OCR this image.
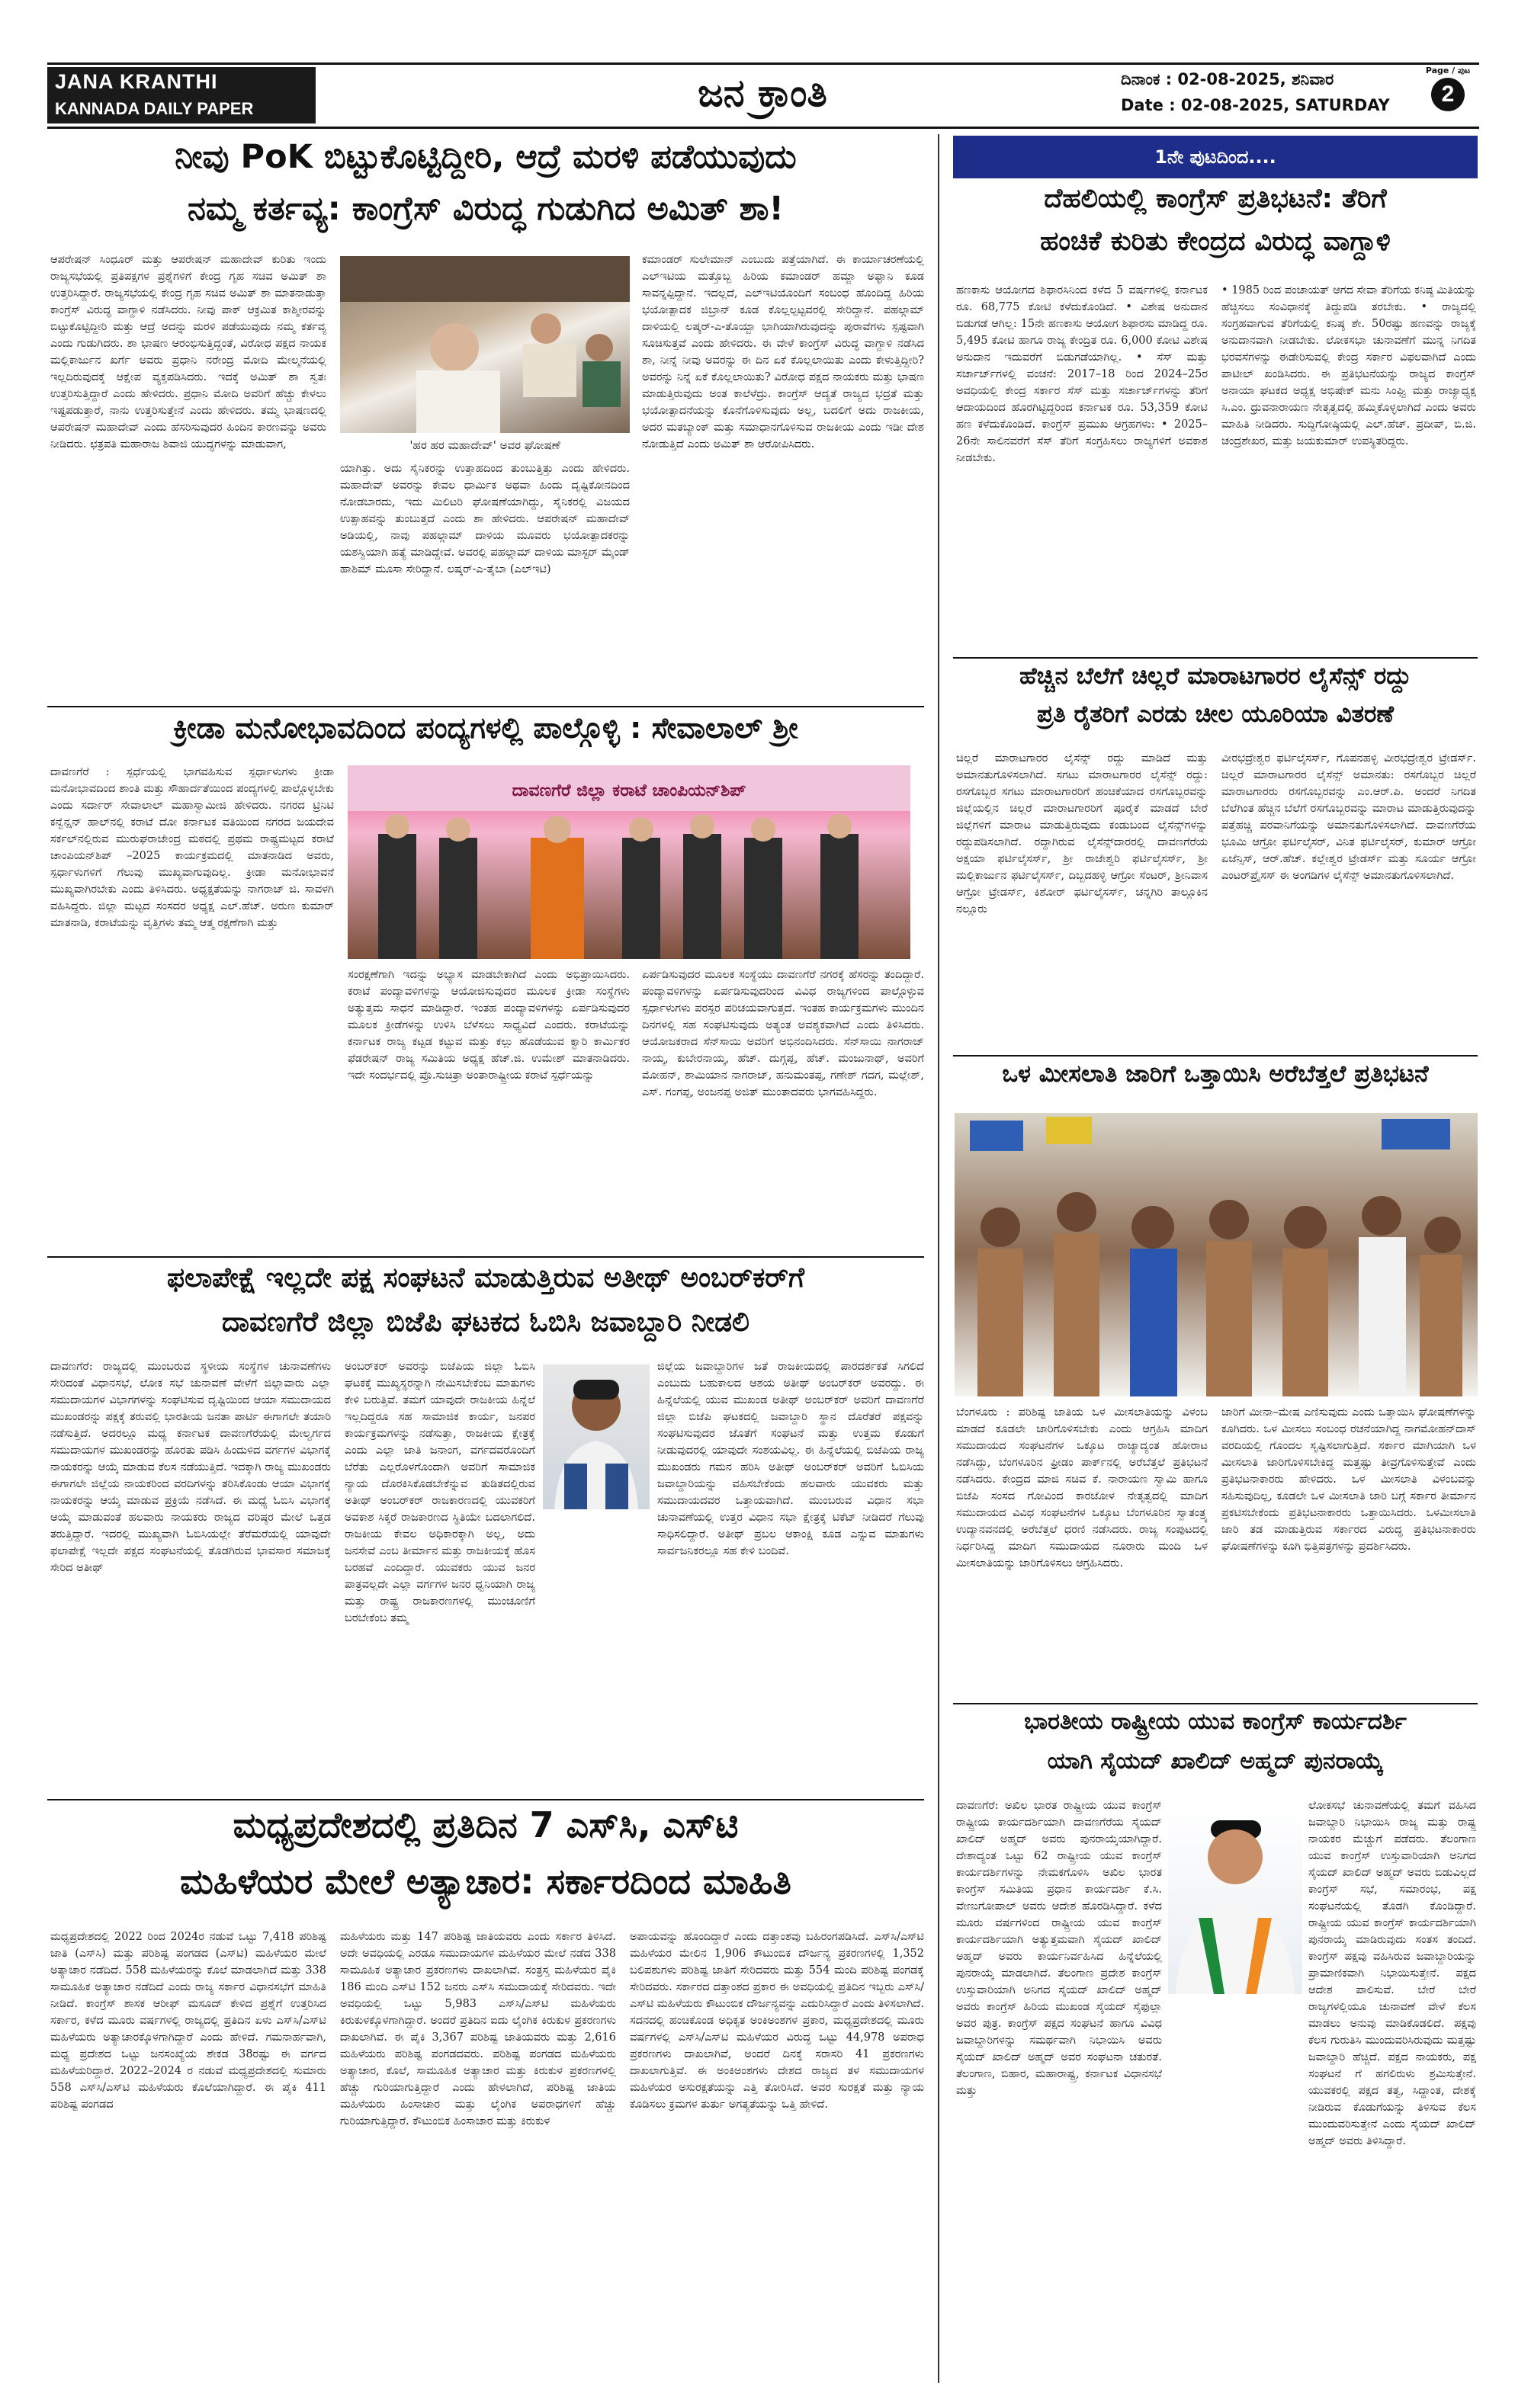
JANA KRANTHI
KANNADA DAILY PAPER	ಜನ ಕ್ರಾಂತಿ	ದಿನಾಂಕ : 02-08-2025, ಶನಿವಾರ
Date : 02-08-2025, SATURDAY
Page / ಪುಟ
2
ನೀವು PoK ಬಿಟ್ಟುಕೊಟ್ಟಿದ್ದೀರಿ, ಆದ್ರೆ ಮರಳಿ ಪಡೆಯುವುದು
ನಮ್ಮ ಕರ್ತವ್ಯ: ಕಾಂಗ್ರೆಸ್ ವಿರುದ್ಧ ಗುಡುಗಿದ ಅಮಿತ್ ಶಾ!
ಆಪರೇಷನ್ ಸಿಂಧೂರ್ ಮತ್ತು ಆಪರೇಷನ್ ಮಹಾದೇವ್ ಕುರಿತು ಇಂದು ರಾಜ್ಯಸಭೆಯಲ್ಲಿ ಪ್ರತಿಪಕ್ಷಗಳ ಪ್ರಶ್ನೆಗಳಿಗೆ ಕೇಂದ್ರ ಗೃಹ ಸಚಿವ ಅಮಿತ್ ಶಾ ಉತ್ತರಿಸಿದ್ದಾರೆ. ರಾಜ್ಯಸಭೆಯಲ್ಲಿ ಕೇಂದ್ರ ಗೃಹ ಸಚಿವ ಅಮಿತ್ ಶಾ ಮಾತನಾಡುತ್ತಾ ಕಾಂಗ್ರೆಸ್ ವಿರುದ್ಧ ವಾಗ್ದಾಳಿ ನಡೆಸಿದರು. ನೀವು ಪಾಕ್ ಆಕ್ರಮಿತ ಕಾಶ್ಮೀರವನ್ನು ಬಿಟ್ಟುಕೊಟ್ಟಿದ್ದೀರಿ ಮತ್ತು ಆದ್ರೆ ಅದನ್ನು ಮರಳಿ ಪಡೆಯುವುದು ನಮ್ಮ ಕರ್ತವ್ಯ ಎಂದು ಗುಡುಗಿದರು. ಶಾ ಭಾಷಣ ಆರಂಭಿಸುತ್ತಿದ್ದಂತೆ, ವಿರೋಧ ಪಕ್ಷದ ನಾಯಕ ಮಲ್ಲಿಕಾರ್ಜುನ ಖರ್ಗೆ ಅವರು ಪ್ರಧಾನಿ ನರೇಂದ್ರ ಮೋದಿ ಮೇಲ್ಮನೆಯಲ್ಲಿ ಇಲ್ಲದಿರುವುದಕ್ಕೆ ಆಕ್ಷೇಪ ವ್ಯಕ್ತಪಡಿಸಿದರು. ಇದಕ್ಕೆ ಅಮಿತ್ ಶಾ ಸ್ವತಃ ಉತ್ತರಿಸುತ್ತಿದ್ದಾರೆ ಎಂದು ಹೇಳಿದರು. ಪ್ರಧಾನಿ ಮೋದಿ ಅವರಿಗೆ ಹೆಚ್ಚು ಕೇಳಲು ಇಷ್ಟಪಡುತ್ತಾರೆ, ನಾನು ಉತ್ತರಿಸುತ್ತೇನೆ ಎಂದು ಹೇಳಿದರು. ತಮ್ಮ ಭಾಷಣದಲ್ಲಿ ಆಪರೇಷನ್ ಮಹಾದೇವ್ ಎಂದು ಹೆಸರಿಸುವುದರ ಹಿಂದಿನ ಕಾರಣವನ್ನು ಅವರು ನೀಡಿದರು. ಛತ್ರಪತಿ ಮಹಾರಾಜ ಶಿವಾಜಿ ಯುದ್ಧಗಳನ್ನು ಮಾಡುವಾಗ,	'ಹರ ಹರ ಮಹಾದೇವ್' ಅವರ ಘೋಷಣೆ
ಯಾಗಿತ್ತು. ಅದು ಸೈನಿಕರನ್ನು ಉತ್ತಾಹದಿಂದ ತುಂಬುತ್ತಿತ್ತು ಎಂದು ಹೇಳಿದರು. ಮಹಾದೇವ್ ಅವರನ್ನು ಕೇವಲ ಧಾರ್ಮಿಕ ಅಥವಾ ಹಿಂದು ದೃಷ್ಟಿಕೋನದಿಂದ ನೋಡಬಾರದು, ಇದು ಮಿಲಿಟರಿ ಘೋಷಣೆಯಾಗಿದ್ದು, ಸೈನಿಕರಲ್ಲಿ ವಿಜಯದ ಉತ್ಸಾಹವನ್ನು ತುಂಬುತ್ತದೆ ಎಂದು ಶಾ ಹೇಳಿದರು. ಆಪರೇಷನ್ ಮಹಾದೇವ್ ಅಡಿಯಲ್ಲಿ, ನಾವು ಪಹಲ್ಗಾಮ್ ದಾಳಿಯ ಮೂವರು ಭಯೋತ್ಪಾದಕರನ್ನು ಯಶಸ್ವಿಯಾಗಿ ಹತ್ಯೆ ಮಾಡಿದ್ದೇವೆ. ಅವರಲ್ಲಿ ಪಹಲ್ಗಾಮ್ ದಾಳಿಯ ಮಾಸ್ಟರ್ ಮೈಂಡ್ ಹಾಶಿಮ್ ಮೂಸಾ ಸೇರಿದ್ದಾನೆ. ಲಷ್ಕರ್-ಎ-ತೈಬಾ (ಎಲ್‌ಇಟಿ)
ಕಮಾಂಡರ್ ಸುಲೇಮಾನ್ ಎಂಬುದು ಪತ್ತೆಯಾಗಿದೆ. ಈ ಕಾರ್ಯಾಚರಣೆಯಲ್ಲಿ ಎಲ್‌ಇಟಿಯ ಮತ್ತೊಬ್ಬ ಹಿರಿಯ ಕಮಾಂಡರ್ ಹಮ್ಜಾ ಅಫ್ಘಾನಿ ಕೂಡ ಸಾವನ್ನಪ್ಪಿದ್ದಾನೆ. ಇದಲ್ಲದೆ, ಎಲ್‌ಇಟಿಯೊಂದಿಗೆ ಸಂಬಂಧ ಹೊಂದಿದ್ದ ಹಿರಿಯ ಭಯೋತ್ಪಾದಕ ಜಿಬ್ರಾನ್ ಕೂಡ ಕೊಲ್ಲಲ್ಪಟ್ಟವರಲ್ಲಿ ಸೇರಿದ್ದಾನೆ. ಪಹಲ್ಗಾಮ್ ದಾಳಿಯಲ್ಲಿ ಲಷ್ಕರ್-ಎ-ತೊಯ್ಬಾ ಭಾಗಿಯಾಗಿರುವುದನ್ನು ಪುರಾವೆಗಳು ಸ್ಪಷ್ಟವಾಗಿ ಸೂಚಿಸುತ್ತವೆ ಎಂದು ಹೇಳಿದರು. ಈ ವೇಳೆ ಕಾಂಗ್ರೆಸ್ ವಿರುದ್ಧ ವಾಗ್ದಾಳಿ ನಡೆಸಿದ ಶಾ, ನೀನ್ನೆ ನೀವು ಅವರನ್ನು ಈ ದಿನ ಏಕೆ ಕೊಲ್ಲಲಾಯಿತು ಎಂದು ಕೇಳುತ್ತಿದ್ದೀರಿ? ಅವರನ್ನು ನಿನ್ನೆ ಏಕೆ ಕೊಲ್ಲಲಾಯಿತು? ವಿರೋಧ ಪಕ್ಷದ ನಾಯಕರು ಮತ್ತು ಭಾಷಣ ಮಾಡುತ್ತಿರುವುದು ಅಂತ ಕಾಲೆಳೆದ್ರು. ಕಾಂಗ್ರೆಸ್ ಆದ್ಯತೆ ರಾಜ್ಯದ ಭದ್ರತೆ ಮತ್ತು ಭಯೋತ್ಪಾದನೆಯನ್ನು ಕೊನೆಗೊಳಿಸುವುದು ಅಲ್ಲ, ಬದಲಿಗೆ ಅದು ರಾಜಕೀಯ, ಅದರ ಮತಬ್ಯಾಂಕ್ ಮತ್ತು ಸಮಾಧಾನಗೊಳಿಸುವ ರಾಜಕೀಯ ಎಂದು ಇಡೀ ದೇಶ ನೋಡುತ್ತಿದೆ ಎಂದು ಅಮಿತ್ ಶಾ ಆರೋಪಿಸಿದರು.
ಕ್ರೀಡಾ ಮನೋಭಾವದಿಂದ ಪಂದ್ಯಗಳಲ್ಲಿ ಪಾಲ್ಗೊಳ್ಳಿ : ಸೇವಾಲಾಲ್ ಶ್ರೀ
ದಾವಣಗೆರೆ : ಸ್ಪರ್ಧೆಯಲ್ಲಿ ಭಾಗವಹಿಸುವ ಸ್ಪರ್ಧಾಳುಗಳು ಕ್ರೀಡಾ ಮನೋಭಾವದಿಂದ ಶಾಂತಿ ಮತ್ತು ಸೌಹಾರ್ದತೆಯಿಂದ ಪಂದ್ಯಗಳಲ್ಲಿ ಪಾಲ್ಗೊಳ್ಳಬೇಕು ಎಂದು ಸರ್ದಾರ್ ಸೇವಾಲಾಲ್ ಮಹಾಸ್ವಾಮೀಜಿ ಹೇಳಿದರು. ನಗರದ ಟ್ರಿನಿಟಿ ಕನ್ವೆನ್ಷನ್ ಹಾಲ್‌ನಲ್ಲಿ ಕರಾಟೆ ದೋ ಕರ್ನಾಟಕ ವತಿಯಿಂದ ನಗರದ ಜಯದೇವ ಸರ್ಕಲ್‌ನಲ್ಲಿರುವ ಮುರುಘರಾಜೇಂದ್ರ ಮಠದಲ್ಲಿ ಪ್ರಥಮ ರಾಷ್ಟ್ರಮಟ್ಟದ ಕರಾಟೆ ಚಾಂಪಿಯನ್‌ಶಿಪ್ –2025 ಕಾರ್ಯಕ್ರಮದಲ್ಲಿ ಮಾತನಾಡಿದ ಅವರು, ಸ್ಪರ್ಧಾಳುಗಳಿಗೆ ಗೆಲುವು ಮುಖ್ಯವಾಗುವುದಿಲ್ಲ. ಕ್ರೀಡಾ ಮನೋಭಾವನೆ ಮುಖ್ಯವಾಗಿರಬೇಕು ಎಂದು ತಿಳಿಸಿದರು. ಅಧ್ಯಕ್ಷತೆಯನ್ನು ನಾಗರಾಜ್ ಜಿ. ಸಾವಳಗಿ ವಹಿಸಿದ್ದರು. ಜಿಲ್ಲಾ ಮಟ್ಟದ ಸಂಸದರ ಅಧ್ಯಕ್ಷ ಎಲ್.ಹೆಚ್. ಅರುಣ ಕುಮಾರ್ ಮಾತನಾಡಿ, ಕರಾಟೆಯನ್ನು ವೃತ್ತಿಗಳು ತಮ್ಮ ಆತ್ಮ ರಕ್ಷಣೆಗಾಗಿ ಮತ್ತು
ದಾವಣಗೆರೆ ಜಿಲ್ಲಾ ಕರಾಟೆ ಚಾಂಪಿಯನ್‌ಶಿಪ್
ಸಂರಕ್ಷಣೆಗಾಗಿ ಇದನ್ನು ಅಭ್ಯಾಸ ಮಾಡಬೇಕಾಗಿದೆ ಎಂದು ಅಭಿಪ್ರಾಯಿಸಿದರು. ಕರಾಟೆ ಪಂದ್ಯಾವಳಿಗಳನ್ನು ಆಯೋಜಿಸುವುದರ ಮೂಲಕ ಕ್ರೀಡಾ ಸಂಸ್ಥೆಗಳು ಅತ್ಯುತ್ತಮ ಸಾಧನೆ ಮಾಡಿದ್ದಾರೆ. ಇಂತಹ ಪಂದ್ಯಾವಳಿಗಳನ್ನು ಏರ್ಪಡಿಸುವುದರ ಮೂಲಕ ಕ್ರೀಡೆಗಳನ್ನು ಉಳಿಸಿ ಬೆಳೆಸಲು ಸಾಧ್ಯವಿದೆ ಎಂದರು. ಕರಾಟೆಯನ್ನು ಕರ್ನಾಟಕ ರಾಜ್ಯ ಕಟ್ಟಡ ಕಟ್ಟುವ ಮತ್ತು ಕಲ್ಲು ಹೊಡೆಯುವ ಕ್ವಾರಿ ಕಾರ್ಮಿಕರ ಫೆಡರೇಷನ್ ರಾಜ್ಯ ಸಮಿತಿಯ ಅಧ್ಯಕ್ಷ ಹೆಚ್.ಜಿ. ಉಮೇಶ್ ಮಾತನಾಡಿದರು. ಇದೇ ಸಂದರ್ಭದಲ್ಲಿ ಪ್ರೊ.ಸುಚಿತ್ರಾ ಅಂತಾರಾಷ್ಟ್ರೀಯ ಕರಾಟೆ ಸ್ಪರ್ಧೆಯನ್ನು
ಏರ್ಪಡಿಸುವುದರ ಮೂಲಕ ಸಂಸ್ಥೆಯು ದಾವಣಗೆರೆ ನಗರಕ್ಕೆ ಹೆಸರನ್ನು ತಂದಿದ್ದಾರೆ. ಪಂದ್ಯಾವಳಿಗಳನ್ನು ಏರ್ಪಡಿಸುವುದರಿಂದ ವಿವಿಧ ರಾಜ್ಯಗಳಿಂದ ಪಾಲ್ಗೊಳ್ಳುವ ಸ್ಪರ್ಧಾಳುಗಳು ಪರಸ್ಪರ ಪರಿಚಯವಾಗುತ್ತದೆ. ಇಂತಹ ಕಾರ್ಯಕ್ರಮಗಳು ಮುಂದಿನ ದಿನಗಳಲ್ಲಿ ಸಹ ಸಂಘಟಿಸುವುದು ಅತ್ಯಂತ ಅವಶ್ಯಕವಾಗಿದೆ ಎಂದು ತಿಳಿಸಿದರು. ಆಯೋಜಕರಾದ ಸೆನ್‌ಸಾಯಿ ಅವರಿಗೆ ಅಭಿನಂದಿಸಿದರು. ಸೆನ್‌ಸಾಯಿ ನಾಗರಾಜ್ ನಾಯ್ಕ, ಕುಬೇರನಾಯ್ಕ, ಹೆಚ್. ದುಗ್ಗಪ್ಪ, ಹೆಚ್. ಮಂಜುನಾಥ್, ಅವರಿಗೆ ಮೋಹನ್, ಶಾಮಿಯಾನ ನಾಗರಾಜ್, ಹನುಮಂತಪ್ಪ, ಗಣೇಶ್ ಗದಗ, ಮಲ್ಲೇಶ್, ಎಸ್. ಗಂಗಪ್ಪ, ಅಂಜನಪ್ಪ ಅಜಿತ್ ಮುಂತಾದವರು ಭಾಗವಹಿಸಿದ್ದರು.
ಫಲಾಪೇಕ್ಷೆ ಇಲ್ಲದೇ ಪಕ್ಷ ಸಂಘಟನೆ ಮಾಡುತ್ತಿರುವ ಅತೀಥ್ ಅಂಬರ್‌ಕರ್‌ಗೆ
ದಾವಣಗೆರೆ ಜಿಲ್ಲಾ ಬಿಜೆಪಿ ಘಟಕದ ಓಬಿಸಿ ಜವಾಬ್ದಾರಿ ನೀಡಲಿ
ದಾವಣಗೆರೆ: ರಾಜ್ಯದಲ್ಲಿ ಮುಂಬರುವ ಸ್ಥಳೀಯ ಸಂಸ್ಥೆಗಳ ಚುನಾವಣೆಗಳು ಸೇರಿದಂತೆ ವಿಧಾನಸಭೆ, ಲೋಕ ಸಭೆ ಚುನಾವಣೆ ವೇಳೆಗೆ ಜಿಲ್ಲಾವಾರು ಎಲ್ಲಾ ಸಮುದಾಯಗಳ ವಿಭಾಗಗಳನ್ನು ಸಂಘಟಿಸುವ ದೃಷ್ಟಿಯಿಂದ ಆಯಾ ಸಮುದಾಯದ ಮುಖಂಡರನ್ನು ಪಕ್ಷಕ್ಕೆ ತರುವಲ್ಲಿ ಭಾರತೀಯ ಜನತಾ ಪಾರ್ಟಿ ಈಗಾಗಲೇ ತಯಾರಿ ನಡೆಸುತ್ತಿದೆ. ಅದರಲ್ಲೂ ಮಧ್ಯ ಕರ್ನಾಟಕ ದಾವಣಗೆರೆಯಲ್ಲಿ ಮೇಲ್ವರ್ಗದ ಸಮುದಾಯಗಳ ಮುಖಂಡರನ್ನು ಹೊರತು ಪಡಿಸಿ ಹಿಂದುಳಿದ ವರ್ಗಗಳ ವಿಭಾಗಕ್ಕೆ ನಾಯಕರನ್ನು ಆಯ್ಕೆ ಮಾಡುವ ಕೆಲಸ ನಡೆಯುತ್ತಿದೆ. ಇದಕ್ಕಾಗಿ ರಾಜ್ಯ ಮುಖಂಡರು ಈಗಾಗಲೇ ಜಿಲ್ಲೆಯ ನಾಯಕರಿಂದ ವರದಿಗಳನ್ನು ತರಿಸಿಕೊಂಡು ಆಯಾ ವಿಭಾಗಕ್ಕೆ ನಾಯಕರನ್ನು ಆಯ್ಕೆ ಮಾಡುವ ಪ್ರಕ್ರಿಯೆ ನಡೆಸಿದೆ. ಈ ಮಧ್ಯೆ ಓಬಿಸಿ ವಿಭಾಗಕ್ಕೆ ಆಯ್ಕೆ ಮಾಡುವಂತೆ ಹಲವಾರು ನಾಯಕರು ರಾಜ್ಯದ ವರಿಷ್ಠರ ಮೇಲೆ ಒತ್ತಡ ತರುತ್ತಿದ್ದಾರೆ. ಇದರಲ್ಲಿ ಮುಖ್ಯವಾಗಿ ಓಬಿಸಿಯಲ್ಲೇ ತೆರೆಮರೆಯಲ್ಲಿ ಯಾವುದೇ ಫಲಾಪೇಕ್ಷೆ ಇಲ್ಲದೇ ಪಕ್ಷದ ಸಂಘಟನೆಯಲ್ಲಿ ತೊಡಗಿರುವ ಭಾವಸಾರ ಸಮಾಜಕ್ಕೆ ಸೇರಿದ ಅತೀಥ್
ಅಂಬರ್‌ಕರ್ ಅವರನ್ನು ಬಿಜೆಪಿಯ ಜಿಲ್ಲಾ ಓಬಿಸಿ ಘಟಕಕ್ಕೆ ಮುಖ್ಯಸ್ಥರನ್ನಾಗಿ ನೇಮಿಸಬೇಕೆಂಬ ಮಾತುಗಳು ಕೇಳಿ ಬರುತ್ತಿವೆ. ತಮಗೆ ಯಾವುದೇ ರಾಜಕೀಯ ಹಿನ್ನೆಲೆ ಇಲ್ಲದಿದ್ದರೂ ಸಹ ಸಾಮಾಜಿಕ ಕಾರ್ಯ, ಜನಪರ ಕಾರ್ಯಕ್ರಮಗಳನ್ನು ನಡೆಸುತ್ತಾ, ರಾಜಕೀಯ ಕ್ಷೇತ್ರಕ್ಕೆ ಎಂದು ಎಲ್ಲಾ ಜಾತಿ ಜನಾಂಗ, ವರ್ಗದವರೊಂದಿಗೆ ಬೆರೆತು ಎಲ್ಲರೊಳಗೊಂದಾಗಿ ಅವರಿಗೆ ಸಾಮಾಜಿಕ ನ್ಯಾಯ ದೊರಕಿಸಿಕೊಡಬೇಕೆನ್ನುವ ತುಡಿತದಲ್ಲಿರುವ ಅತೀಥ್ ಅಂಬರ್‌ಕರ್ ರಾಜಕಾರಣದಲ್ಲಿ ಯುವಕರಿಗೆ ಅವಕಾಶ ಸಿಕ್ಕರೆ ರಾಜಕಾರಣದ ಸ್ಥಿತಿಯೇ ಬದಲಾಗಲಿದೆ. ರಾಜಕೀಯ ಕೇವಲ ಅಧಿಕಾರಕ್ಕಾಗಿ ಅಲ್ಲ, ಅದು ಜನಸೇವೆ ಎಂಬ ತೀರ್ಮಾನ ಮತ್ತು ರಾಜಕೀಯಕ್ಕೆ ಹೊಸ ಬರಹವೆ ಎಂದಿದ್ದಾರೆ. ಯುವಕರು ಯುವ ಜನರ ಪಾತ್ರವಲ್ಲದೇ ಎಲ್ಲಾ ವರ್ಗಗಳ ಜನರ ಧ್ವನಿಯಾಗಿ ರಾಜ್ಯ ಮತ್ತು ರಾಷ್ಟ್ರ ರಾಜಕಾರಣಗಳಲ್ಲಿ ಮುಂಚೂಣಿಗೆ ಬರಬೇಕೆಂಬ ತಮ್ಮ
ಜಿಲ್ಲೆಯ ಜವಾಬ್ದಾರಿಗಳ ಜತೆ ರಾಜಕೀಯದಲ್ಲಿ ಪಾರದರ್ಶಕತೆ ಸಿಗಲಿದೆ ಎಂಬುದು ಬಹುಕಾಲದ ಆಶಯ ಅತೀಥ್ ಅಂಬರ್‌ಕರ್ ಅವರದ್ದು. ಈ ಹಿನ್ನೆಲೆಯಲ್ಲಿ ಯುವ ಮುಖಂಡ ಅತೀಥ್ ಅಂಬರ್‌ಕರ್ ಅವರಿಗೆ ದಾವಣಗೆರೆ ಜಿಲ್ಲಾ ಬಿಜೆಪಿ ಘಟಕದಲ್ಲಿ ಜವಾಬ್ದಾರಿ ಸ್ಥಾನ ದೊರೆತರೆ ಪಕ್ಷವನ್ನು ಸಂಘಟಿಸುವುದರ ಜೊತೆಗೆ ಸಂಘಟನೆ ಮತ್ತು ಉತ್ತಮ ಕೊಡುಗೆ ನೀಡುವುದರಲ್ಲಿ ಯಾವುದೇ ಸಂಶಯವಿಲ್ಲ. ಈ ಹಿನ್ನೆಲೆಯಲ್ಲಿ ಬಿಜೆಪಿಯ ರಾಜ್ಯ ಮುಖಂಡರು ಗಮನ ಹರಿಸಿ ಅತೀಥ್ ಅಂಬರ್‌ಕರ್ ಅವರಿಗೆ ಓಬಿಸಿಯ ಜವಾಬ್ದಾರಿಯನ್ನು ವಹಿಸಬೇಕೆಂದು ಹಲವಾರು ಯುವಕರು ಮತ್ತು ಸಮುದಾಯದವರ ಒತ್ತಾಯವಾಗಿದೆ. ಮುಂಬರುವ ವಿಧಾನ ಸಭಾ ಚುನಾವಣೆಯಲ್ಲಿ ಉತ್ತರ ವಿಧಾನ ಸಭಾ ಕ್ಷೇತ್ರಕ್ಕೆ ಟಿಕೆಟ್ ನೀಡಿದರೆ ಗೆಲುವು ಸಾಧಿಸಲಿದ್ದಾರೆ. ಅತೀಥ್ ಪ್ರಬಲ ಆಕಾಂಕ್ಷಿ ಕೂಡ ಎನ್ನುವ ಮಾತುಗಳು ಸಾರ್ವಜನಿಕರಲ್ಲೂ ಸಹ ಕೇಳಿ ಬಂದಿವೆ.
ಮಧ್ಯಪ್ರದೇಶದಲ್ಲಿ ಪ್ರತಿದಿನ 7 ಎಸ್‌ಸಿ, ಎಸ್‌ಟಿ
ಮಹಿಳೆಯರ ಮೇಲೆ ಅತ್ಯಾಚಾರ: ಸರ್ಕಾರದಿಂದ ಮಾಹಿತಿ
ಮಧ್ಯಪ್ರದೇಶದಲ್ಲಿ 2022 ರಿಂದ 2024ರ ನಡುವೆ ಒಟ್ಟು 7,418 ಪರಿಶಿಷ್ಟ ಜಾತಿ (ಎಸ್‌ಸಿ) ಮತ್ತು ಪರಿಶಿಷ್ಟ ಪಂಗಡದ (ಎಸ್‌ಟಿ) ಮಹಿಳೆಯರ ಮೇಲೆ ಅತ್ಯಾಚಾರ ನಡೆದಿದೆ. 558 ಮಹಿಳೆಯರನ್ನು ಕೊಲೆ ಮಾಡಲಾಗಿದೆ ಮತ್ತು 338 ಸಾಮೂಹಿಕ ಅತ್ಯಾಚಾರ ನಡೆದಿದೆ ಎಂದು ರಾಜ್ಯ ಸರ್ಕಾರ ವಿಧಾನಸಭೆಗೆ ಮಾಹಿತಿ ನೀಡಿದೆ. ಕಾಂಗ್ರೆಸ್ ಶಾಸಕ ಆರೀಫ್ ಮಸೂದ್ ಕೇಳಿದ ಪ್ರಶ್ನೆಗೆ ಉತ್ತರಿಸಿದ ಸರ್ಕಾರ, ಕಳೆದ ಮೂರು ವರ್ಷಗಳಲ್ಲಿ ರಾಜ್ಯದಲ್ಲಿ ಪ್ರತಿದಿನ ಏಳು ಎಸ್‌ಸಿ/ಎಸ್‌ಟಿ ಮಹಿಳೆಯರು ಅತ್ಯಾಚಾರಕ್ಕೊಳಗಾಗಿದ್ದಾರೆ ಎಂದು ಹೇಳಿದೆ. ಗಮನಾರ್ಹವಾಗಿ, ಮಧ್ಯ ಪ್ರದೇಶದ ಒಟ್ಟು ಜನಸಂಖ್ಯೆಯ ಶೇಕಡ 38ರಷ್ಟು ಈ ವರ್ಗದ ಮಹಿಳೆಯರಿದ್ದಾರೆ. 2022–2024 ರ ನಡುವೆ ಮಧ್ಯಪ್ರದೇಶದಲ್ಲಿ ಸುಮಾರು 558 ಎಸ್‌ಸಿ/ಎಸ್‌ಟಿ ಮಹಿಳೆಯರು ಕೊಲೆಯಾಗಿದ್ದಾರೆ. ಈ ಪೈಕಿ 411 ಪರಿಶಿಷ್ಟ ಪಂಗಡದ
ಮಹಿಳೆಯರು ಮತ್ತು 147 ಪರಿಶಿಷ್ಟ ಜಾತಿಯವರು ಎಂದು ಸರ್ಕಾರ ತಿಳಿಸಿದೆ. ಅದೇ ಅವಧಿಯಲ್ಲಿ ಎರಡೂ ಸಮುದಾಯಗಳ ಮಹಿಳೆಯರ ಮೇಲೆ ನಡೆದ 338 ಸಾಮೂಹಿಕ ಅತ್ಯಾಚಾರ ಪ್ರಕರಣಗಳು ದಾಖಲಾಗಿವೆ. ಸಂತ್ರಸ್ತ ಮಹಿಳೆಯರ ಪೈಕಿ 186 ಮಂದಿ ಎಸ್‌ಟಿ 152 ಜನರು ಎಸ್‌ಸಿ ಸಮುದಾಯಕ್ಕೆ ಸೇರಿದವರು. ಇದೇ ಅವಧಿಯಲ್ಲಿ ಒಟ್ಟು 5,983 ಎಸ್‌ಸಿ/ಎಸ್‌ಟಿ ಮಹಿಳೆಯರು ಕಿರುಕುಳಕ್ಕೊಳಗಾಗಿದ್ದಾರೆ. ಅಂದರೆ ಪ್ರತಿದಿನ ಐದು ಲೈಂಗಿಕ ಕಿರುಕುಳ ಪ್ರಕರಣಗಳು ದಾಖಲಾಗಿವೆ. ಈ ಪೈಕಿ 3,367 ಪರಿಶಿಷ್ಟ ಜಾತಿಯವರು ಮತ್ತು 2,616 ಮಹಿಳೆಯರು ಪರಿಶಿಷ್ಟ ಪಂಗಡದವರು. ಪರಿಶಿಷ್ಟ ಪಂಗಡದ ಮಹಿಳೆಯರು ಅತ್ಯಾಚಾರ, ಕೊಲೆ, ಸಾಮೂಹಿಕ ಅತ್ಯಾಚಾರ ಮತ್ತು ಕಿರುಕುಳ ಪ್ರಕರಣಗಳಲ್ಲಿ ಹೆಚ್ಚು ಗುರಿಯಾಗುತ್ತಿದ್ದಾರೆ ಎಂದು ಹೇಳಲಾಗಿದೆ, ಪರಿಶಿಷ್ಟ ಜಾತಿಯ ಮಹಿಳೆಯರು ಹಿಂಸಾಚಾರ ಮತ್ತು ಲೈಂಗಿಕ ಅಪರಾಧಗಳಿಗೆ ಹೆಚ್ಚು ಗುರಿಯಾಗುತ್ತಿದ್ದಾರೆ. ಕೌಟುಂಬಿಕ ಹಿಂಸಾಚಾರ ಮತ್ತು ಕಿರುಕುಳ
ಅಪಾಯವನ್ನು ಹೊಂದಿದ್ದಾರೆ ಎಂದು ದತ್ತಾಂಶವು ಬಹಿರಂಗಪಡಿಸಿದೆ. ಎಸ್‌ಸಿ/ಎಸ್‌ಟಿ ಮಹಿಳೆಯರ ಮೇಲಿನ 1,906 ಕೌಟುಂಬಿಕ ದೌರ್ಜನ್ಯ ಪ್ರಕರಣಗಳಲ್ಲಿ 1,352 ಬಲಿಪಶುಗಳು ಪರಿಶಿಷ್ಟ ಜಾತಿಗೆ ಸೇರಿದವರು ಮತ್ತು 554 ಮಂದಿ ಪರಿಶಿಷ್ಟ ಪಂಗಡಕ್ಕೆ ಸೇರಿದವರು. ಸರ್ಕಾರದ ದತ್ತಾಂಶದ ಪ್ರಕಾರ ಈ ಅವಧಿಯಲ್ಲಿ ಪ್ರತಿದಿನ ಇಬ್ಬರು ಎಸ್‌ಸಿ/ಎಸ್‌ಟಿ ಮಹಿಳೆಯರು ಕೌಟುಂಬಿಕ ದೌರ್ಜನ್ಯವನ್ನು ಎದುರಿಸಿದ್ದಾರೆ ಎಂದು ತಿಳಿಸಲಾಗಿದೆ. ಸದನದಲ್ಲಿ ಹಂಚಿಕೊಂಡ ಅಧಿಕೃತ ಅಂಕಿಅಂಶಗಳ ಪ್ರಕಾರ, ಮಧ್ಯಪ್ರದೇಶದಲ್ಲಿ ಮೂರು ವರ್ಷಗಳಲ್ಲಿ ಎಸ್‌ಸಿ/ಎಸ್‌ಟಿ ಮಹಿಳೆಯರ ವಿರುದ್ಧ ಒಟ್ಟು 44,978 ಅಪರಾಧ ಪ್ರಕರಣಗಳು ದಾಖಲಾಗಿವೆ, ಅಂದರೆ ದಿನಕ್ಕೆ ಸರಾಸರಿ 41 ಪ್ರಕರಣಗಳು ದಾಖಲಾಗುತ್ತಿವೆ. ಈ ಅಂಕಿಅಂಶಗಳು ದೇಶದ ರಾಜ್ಯದ ತಳ ಸಮುದಾಯಗಳ ಮಹಿಳೆಯರ ಅಸುರಕ್ಷತೆಯನ್ನು ಎತ್ತಿ ತೋರಿಸಿದೆ. ಅವರ ಸುರಕ್ಷತೆ ಮತ್ತು ನ್ಯಾಯ ಕೊಡಿಸಲು ಕ್ರಮಗಳ ತುರ್ತು ಅಗತ್ಯತೆಯನ್ನು ಒತ್ತಿ ಹೇಳಿದೆ.
1ನೇ ಪುಟದಿಂದ....
ದೆಹಲಿಯಲ್ಲಿ ಕಾಂಗ್ರೆಸ್ ಪ್ರತಿಭಟನೆ: ತೆರಿಗೆ
ಹಂಚಿಕೆ ಕುರಿತು ಕೇಂದ್ರದ ವಿರುದ್ಧ ವಾಗ್ದಾಳಿ
ಹಣಕಾಸು ಆಯೋಗದ ಶಿಫಾರಸಿನಿಂದ ಕಳೆದ 5 ವರ್ಷಗಳಲ್ಲಿ ಕರ್ನಾಟಕ ರೂ. 68,775 ಕೋಟಿ ಕಳೆದುಕೊಂಡಿದೆ. • ವಿಶೇಷ ಅನುದಾನ ಬಿಡುಗಡೆ ಆಗಿಲ್ಲ: 15ನೇ ಹಣಕಾಸು ಆಯೋಗ ಶಿಫಾರಸು ಮಾಡಿದ್ದ ರೂ. 5,495 ಕೋಟಿ ಹಾಗೂ ರಾಜ್ಯ ಕೇಂದ್ರಿತ ರೂ. 6,000 ಕೋಟಿ ವಿಶೇಷ ಅನುದಾನ ಇದುವರೆಗೆ ಬಿಡುಗಡೆಯಾಗಿಲ್ಲ. • ಸೆಸ್ ಮತ್ತು ಸರ್ಚಾರ್ಜ್‌ಗಳಲ್ಲಿ ವಂಚನೆ: 2017–18 ರಿಂದ 2024–25ರ ಅವಧಿಯಲ್ಲಿ ಕೇಂದ್ರ ಸರ್ಕಾರ ಸೆಸ್ ಮತ್ತು ಸರ್ಚಾರ್ಜ್‌ಗಳನ್ನು ತೆರಿಗೆ ಆದಾಯದಿಂದ ಹೊರಗಿಟ್ಟಿದ್ದರಿಂದ ಕರ್ನಾಟಕ ರೂ. 53,359 ಕೋಟಿ ಹಣ ಕಳೆದುಕೊಂಡಿದೆ. ಕಾಂಗ್ರೆಸ್ ಪ್ರಮುಖ ಆಗ್ರಹಗಳು: • 2025–26ನೇ ಸಾಲಿನವರೆಗೆ ಸೆಸ್ ತೆರಿಗೆ ಸಂಗ್ರಹಿಸಲು ರಾಜ್ಯಗಳಿಗೆ ಅವಕಾಶ ನೀಡಬೇಕು.
• 1985 ರಿಂದ ಪಂಚಾಯತ್ ಆಗದ ಸೇವಾ ತೆರಿಗೆಯ ಕನಿಷ್ಠ ಮಿತಿಯನ್ನು ಹೆಚ್ಚಿಸಲು ಸಂವಿಧಾನಕ್ಕೆ ತಿದ್ದುಪಡಿ ತರಬೇಕು. • ರಾಜ್ಯದಲ್ಲಿ ಸಂಗ್ರಹವಾಗುವ ತೆರಿಗೆಯಲ್ಲಿ ಕನಿಷ್ಠ ಶೇ. 50ರಷ್ಟು ಹಣವನ್ನು ರಾಜ್ಯಕ್ಕೆ ಅನುದಾನವಾಗಿ ನೀಡಬೇಕು. ಲೋಕಸಭಾ ಚುನಾವಣೆಗೆ ಮುನ್ನ ನಿಗದಿತ ಭರವಸೆಗಳನ್ನು ಈಡೇರಿಸುವಲ್ಲಿ ಕೇಂದ್ರ ಸರ್ಕಾರ ವಿಫಲವಾಗಿದೆ ಎಂದು ಪಾಟೀಲ್ ಖಂಡಿಸಿದರು. ಈ ಪ್ರತಿಭಟನೆಯನ್ನು ರಾಜ್ಯದ ಕಾಂಗ್ರೆಸ್ ಅನಾಯಾ ಘಟಕದ ಅಧ್ಯಕ್ಷ ಅಭಿಷೇಕ್ ಮನು ಸಿಂಘ್ವಿ ಮತ್ತು ರಾಜ್ಯಾಧ್ಯಕ್ಷ ಸಿ.ಎಂ. ಧ್ರುವನಾರಾಯಣ ನೇತೃತ್ವದಲ್ಲಿ ಹಮ್ಮಿಕೊಳ್ಳಲಾಗಿದೆ ಎಂದು ಅವರು ಮಾಹಿತಿ ನೀಡಿದರು. ಸುದ್ದಿಗೋಷ್ಠಿಯಲ್ಲಿ ಎಲ್.ಹೆಚ್. ಪ್ರದೀಪ್, ಬಿ.ಜಿ. ಚಂದ್ರಶೇಖರ, ಮತ್ತು ಜಯಕುಮಾರ್ ಉಪಸ್ಥಿತರಿದ್ದರು.
ಹೆಚ್ಚಿನ ಬೆಲೆಗೆ ಚಿಲ್ಲರೆ ಮಾರಾಟಗಾರರ ಲೈಸೆನ್ಸ್ ರದ್ದು
ಪ್ರತಿ ರೈತರಿಗೆ ಎರಡು ಚೀಲ ಯೂರಿಯಾ ವಿತರಣೆ
ಚಿಲ್ಲರೆ ಮಾರಾಟಗಾರರ ಲೈಸೆನ್ಸ್ ರದ್ದು ಮಾಡಿದೆ ಮತ್ತು ಅಮಾನತುಗೊಳಿಸಲಾಗಿದೆ. ಸಗಟು ಮಾರಾಟಗಾರರ ಲೈಸೆನ್ಸ್ ರದ್ದು: ರಸಗೊಬ್ಬರ ಸಗಟು ಮಾರಾಟಗಾರರಿಗೆ ಹಂಚಿಕೆಯಾದ ರಸಗೊಬ್ಬರವನ್ನು ಜಿಲ್ಲೆಯಲ್ಲಿನ ಚಿಲ್ಲರೆ ಮಾರಾಟಗಾರರಿಗೆ ಪೂರೈಕೆ ಮಾಡದೆ ಬೇರೆ ಜಿಲ್ಲೆಗಳಿಗೆ ಮಾರಾಟ ಮಾಡುತ್ತಿರುವುದು ಕಂಡುಬಂದ ಲೈಸೆನ್ಸ್‌ಗಳನ್ನು ರದ್ದುಪಡಿಸಲಾಗಿದೆ. ರದ್ದಾಗಿರುವ ಲೈಸೆನ್ಸ್‌ದಾರರಲ್ಲಿ ದಾವಣಗೆರೆಯ ಅಕ್ಷಯಾ ಫರ್ಟಿಲೈಸರ್ಸ್, ಶ್ರೀ ರಾಜೇಶ್ವರಿ ಫರ್ಟಿಲೈಸರ್ಸ್, ಶ್ರೀ ಮಲ್ಲಿಕಾರ್ಜುನ ಫರ್ಟಿಲೈಸರ್ಸ್, ದಿಬ್ಬದಹಳ್ಳಿ ಆಗ್ರೋ ಸೆಂಟರ್, ಶ್ರೀನಿವಾಸ ಆಗ್ರೋ ಟ್ರೇಡರ್ಸ್, ಕಿಶೋರ್ ಫರ್ಟಿಲೈಸರ್ಸ್, ಚನ್ನಗಿರಿ ತಾಲ್ಲೂಕಿನ ನಲ್ಲೂರು
ವೀರಭದ್ರೇಶ್ವರ ಫರ್ಟಿಲೈಸರ್ಸ್, ಗೊಪನಹಳ್ಳಿ ವೀರಭದ್ರೇಶ್ವರ ಟ್ರೇಡರ್ಸ್. ಚಿಲ್ಲರೆ ಮಾರಾಟಗಾರರ ಲೈಸೆನ್ಸ್ ಅಮಾನತು: ರಸಗೊಬ್ಬರ ಚಿಲ್ಲರೆ ಮಾರಾಟಗಾರರು ರಸಗೊಬ್ಬರವನ್ನು ಎಂ.ಆರ್.ಪಿ. ಅಂದರೆ ನಿಗದಿತ ಬೆಲೆಗಿಂತ ಹೆಚ್ಚಿನ ಬೆಲೆಗೆ ರಸಗೊಬ್ಬರವನ್ನು ಮಾರಾಟ ಮಾಡುತ್ತಿರುವುದನ್ನು ಪತ್ತೆಹಚ್ಚಿ ಪರವಾನಿಗೆಯನ್ನು ಅಮಾನತುಗೊಳಿಸಲಾಗಿದೆ. ದಾವಣಗೆರೆಯ ಭೂಮಿ ಆಗ್ರೋ ಫರ್ಟಿಲೈಸರ್, ವಿನಿತ ಫರ್ಟಿಲೈಸರ್, ಕುಮಾರ್ ಆಗ್ರೋ ಏಜೆನ್ಸಿಸ್, ಆರ್.ಹೆಚ್. ಕಲ್ಲೇಶ್ವರ ಟ್ರೇಡರ್ಸ್ ಮತ್ತು ಸೂರ್ಯ ಆಗ್ರೋ ಎಂಟರ್‌ಪ್ರೈಸಸ್ ಈ ಅಂಗಡಿಗಳ ಲೈಸೆನ್ಸ್ ಅಮಾನತುಗೊಳಿಸಲಾಗಿದೆ.
ಒಳ ಮೀಸಲಾತಿ ಜಾರಿಗೆ ಒತ್ತಾಯಿಸಿ ಅರೆಬೆತ್ತಲೆ ಪ್ರತಿಭಟನೆ
ಬೆಂಗಳೂರು : ಪರಿಶಿಷ್ಟ ಜಾತಿಯ ಒಳ ಮೀಸಲಾತಿಯನ್ನು ವಿಳಂಬ ಮಾಡದೆ ಕೂಡಲೇ ಜಾರಿಗೊಳಿಸಬೇಕು ಎಂದು ಆಗ್ರಹಿಸಿ ಮಾದಿಗ ಸಮುದಾಯದ ಸಂಘಟನೆಗಳ ಒಕ್ಕೂಟ ರಾಜ್ಯಾದ್ಯಂತ ಹೋರಾಟ ನಡೆಸಿದ್ದು, ಬೆಂಗಳೂರಿನ ಫ್ರೀಡಂ ಪಾರ್ಕ್‌ನಲ್ಲಿ ಅರೆಬೆತ್ತಲೆ ಪ್ರತಿಭಟನೆ ನಡೆಸಿದರು. ಕೇಂದ್ರದ ಮಾಜಿ ಸಚಿವ ಕೆ. ನಾರಾಯಣ ಸ್ವಾಮಿ ಹಾಗೂ ಬಿಜೆಪಿ ಸಂಸದ ಗೋವಿಂದ ಕಾರಜೋಳ ನೇತೃತ್ವದಲ್ಲಿ ಮಾದಿಗ ಸಮುದಾಯದ ವಿವಿಧ ಸಂಘಟನೆಗಳ ಒಕ್ಕೂಟ ಬೆಂಗಳೂರಿನ ಸ್ವಾತಂತ್ರ್ಯ ಉದ್ಯಾನವನದಲ್ಲಿ ಅರೆಬೆತ್ತಲೆ ಧರಣಿ ನಡೆಸಿದರು. ರಾಜ್ಯ ಸಂಪುಟದಲ್ಲಿ ನಿರ್ಧರಿಸಿದ್ದ ಮಾದಿಗ ಸಮುದಾಯದ ನೂರಾರು ಮಂದಿ ಒಳ ಮೀಸಲಾತಿಯನ್ನು ಜಾರಿಗೊಳಿಸಲು ಆಗ್ರಹಿಸಿದರು.
ಜಾರಿಗೆ ಮೀನಾ–ಮೇಷ ಎಣಿಸುವುದು ಎಂದು ಒತ್ತಾಯಿಸಿ ಘೋಷಣೆಗಳನ್ನು ಕೂಗಿದರು. ಒಳ ಮೀಸಲು ಸಂಬಂಧ ರಚನೆಯಾಗಿದ್ದ ನಾಗಮೋಹನ್‌ದಾಸ್ ವರದಿಯಲ್ಲಿ ಗೊಂದಲ ಸೃಷ್ಟಿಸಲಾಗುತ್ತಿದೆ. ಸರ್ಕಾರ ಮಾಗಿಯಾಗಿ ಒಳ ಮೀಸಲಾತಿ ಜಾರಿಗೊಳಿಸಬೇಕಿದ್ದ ಮತ್ತಷ್ಟು ತೀವ್ರಗೊಳಿಸುತ್ತೇವೆ ಎಂದು ಪ್ರತಿಭಟನಾಕಾರರು ಹೇಳಿದರು. ಒಳ ಮೀಸಲಾತಿ ವಿಳಂಬವನ್ನು ಸಹಿಸುವುದಿಲ್ಲ, ಕೂಡಲೇ ಒಳ ಮೀಸಲಾತಿ ಜಾರಿ ಬಗ್ಗೆ ಸರ್ಕಾರ ತೀರ್ಮಾನ ಪ್ರಕಟಿಸಬೇಕೆಂದು ಪ್ರತಿಭಟನಾಕಾರರು ಒತ್ತಾಯಿಸಿದರು. ಒಳಮೀಸಲಾತಿ ಜಾರಿ ತಡ ಮಾಡುತ್ತಿರುವ ಸರ್ಕಾರದ ವಿರುದ್ಧ ಪ್ರತಿಭಟನಾಕಾರರು ಘೋಷಣೆಗಳನ್ನು ಕೂಗಿ ಭಿತ್ತಿಪತ್ರಗಳನ್ನು ಪ್ರದರ್ಶಿಸಿದರು.
ಭಾರತೀಯ ರಾಷ್ಟ್ರೀಯ ಯುವ ಕಾಂಗ್ರೆಸ್ ಕಾರ್ಯದರ್ಶಿ
ಯಾಗಿ ಸೈಯದ್ ಖಾಲಿದ್ ಅಹ್ಮದ್ ಪುನರಾಯ್ಕೆ
ದಾವಣಗೆರೆ: ಅಖಿಲ ಭಾರತ ರಾಷ್ಟ್ರೀಯ ಯುವ ಕಾಂಗ್ರೆಸ್ ರಾಷ್ಟ್ರೀಯ ಕಾರ್ಯದರ್ಶಿಯಾಗಿ ದಾವಣಗೆರೆಯ ಸೈಯದ್ ಖಾಲಿದ್ ಅಹ್ಮದ್ ಅವರು ಪುನರಾಯ್ಕೆಯಾಗಿದ್ದಾರೆ. ದೇಶಾದ್ಯಂತ ಒಟ್ಟು 62 ರಾಷ್ಟ್ರೀಯ ಯುವ ಕಾಂಗ್ರೆಸ್ ಕಾರ್ಯದರ್ಶಿಗಳನ್ನು ನೇಮಕಗೊಳಿಸಿ ಅಖಿಲ ಭಾರತ ಕಾಂಗ್ರೆಸ್ ಸಮಿತಿಯ ಪ್ರಧಾನ ಕಾರ್ಯದರ್ಶಿ ಕೆ.ಸಿ. ವೇಣುಗೋಪಾಲ್ ಅವರು ಆದೇಶ ಹೊರಡಿಸಿದ್ದಾರೆ. ಕಳೆದ ಮೂರು ವರ್ಷಗಳಿಂದ ರಾಷ್ಟ್ರೀಯ ಯುವ ಕಾಂಗ್ರೆಸ್ ಕಾರ್ಯದರ್ಶಿಯಾಗಿ ಅತ್ಯುತ್ತಮವಾಗಿ ಸೈಯದ್ ಖಾಲಿದ್ ಅಹ್ಮದ್ ಅವರು ಕಾರ್ಯನಿರ್ವಹಿಸಿದ ಹಿನ್ನೆಲೆಯಲ್ಲಿ ಪುನರಾಯ್ಕೆ ಮಾಡಲಾಗಿದೆ. ತೆಲಂಗಾಣ ಪ್ರದೇಶ ಕಾಂಗ್ರೆಸ್ ಉಸ್ತುವಾರಿಯಾಗಿ ಅನಿಗದ ಸೈಯದ್ ಖಾಲಿದ್ ಅಹ್ಮದ್ ಅವರು ಕಾಂಗ್ರೆಸ್ ಹಿರಿಯ ಮುಖಂಡ ಸೈಯದ್ ಸೈಫುಲ್ಲಾ ಅವರ ಪುತ್ರ. ಕಾಂಗ್ರೆಸ್ ಪಕ್ಷದ ಸಂಘಟನೆ ಹಾಗೂ ವಿವಿಧ ಜವಾಬ್ದಾರಿಗಳನ್ನು ಸಮರ್ಥವಾಗಿ ನಿಭಾಯಿಸಿ ಅವರು ಸೈಯದ್ ಖಾಲಿದ್ ಅಹ್ಮದ್ ಅವರ ಸಂಘಟನಾ ಚತುರತೆ. ತೆಲಂಗಾಣ, ಬಿಹಾರ, ಮಹಾರಾಷ್ಟ್ರ, ಕರ್ನಾಟಕ ವಿಧಾನಸಭೆ ಮತ್ತು
ಲೋಕಸಭೆ ಚುನಾವಣೆಯಲ್ಲಿ ತಮಗೆ ವಹಿಸಿದ ಜವಾಬ್ದಾರಿ ನಿಭಾಯಿಸಿ ರಾಜ್ಯ ಮತ್ತು ರಾಷ್ಟ್ರ ನಾಯಕರ ಮೆಚ್ಚುಗೆ ಪಡೆದರು. ತೆಲಂಗಾಣ ಯುವ ಕಾಂಗ್ರೆಸ್ ಉಸ್ತುವಾರಿಯಾಗಿ ಅನಿಗದ ಸೈಯದ್ ಖಾಲಿದ್ ಅಹ್ಮದ್ ಅವರು ಬಿಡುವಿಲ್ಲದೆ ಕಾಂಗ್ರೆಸ್ ಸಭೆ, ಸಮಾರಂಭ, ಪಕ್ಷ ಸಂಘಟನೆಯಲ್ಲಿ ತೊಡಗಿ ಕೊಂಡಿದ್ದಾರೆ. ರಾಷ್ಟ್ರೀಯ ಯುವ ಕಾಂಗ್ರೆಸ್ ಕಾರ್ಯದರ್ಶಿಯಾಗಿ ಪುನರಾಯ್ಕೆ ಮಾಡಿರುವುದು ಸಂತಸ ತಂದಿದೆ. ಕಾಂಗ್ರೆಸ್ ಪಕ್ಷವು ವಹಿಸಿರುವ ಜವಾಬ್ದಾರಿಯನ್ನು ಪ್ರಾಮಾಣಿಕವಾಗಿ ನಿಭಾಯಿಸುತ್ತೇನೆ. ಪಕ್ಷದ ಆದೇಶ ಪಾಲಿಸುವೆ. ಬೇರೆ ಬೇರೆ ರಾಜ್ಯಗಳಲ್ಲಿಯೂ ಚುನಾವಣೆ ವೇಳೆ ಕೆಲಸ ಮಾಡಲು ಅನುವು ಮಾಡಿಕೊಡಲಿದೆ. ಪಕ್ಷವು ಕೆಲಸ ಗುರುತಿಸಿ ಮುಂದುವರಿಸಿರುವುದು ಮತ್ತಷ್ಟು ಜವಾಬ್ದಾರಿ ಹೆಚ್ಚಿದೆ. ಪಕ್ಷದ ನಾಯಕರು, ಪಕ್ಷ ಸಂಘಟನೆ ಗೆ ಹಗಲಿರುಳು ಶ್ರಮಿಸುತ್ತೇನೆ. ಯುವಕರಲ್ಲಿ ಪಕ್ಷದ ತತ್ವ, ಸಿದ್ಧಾಂತ, ದೇಶಕ್ಕೆ ನೀಡಿರುವ ಕೊಡುಗೆಯನ್ನು ತಿಳಿಸುವ ಕೆಲಸ ಮುಂದುವರಿಸುತ್ತೇನೆ ಎಂದು ಸೈಯದ್ ಖಾಲಿದ್ ಅಹ್ಮದ್ ಅವರು ತಿಳಿಸಿದ್ದಾರೆ.
